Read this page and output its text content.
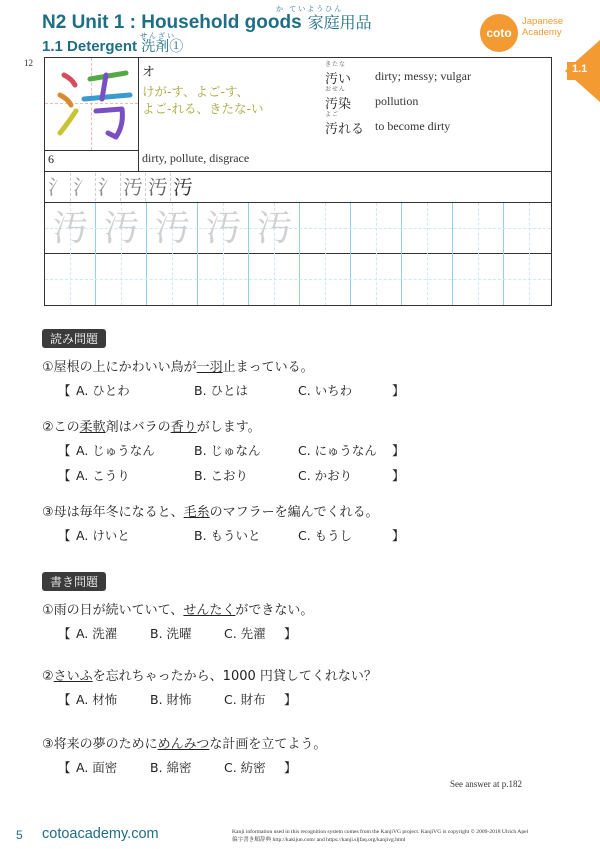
N2 Unit 1 : Household goods 家庭用品
か ていようひん
1.1 Detergent 洗剤①
せんざい	coto
Japanese
Academy
1.1
12
6
オ
けが-す、よご-す、
よご-れる、きたな-い
dirty, pollute, disgrace
きたな
汚い dirty; messy; vulgar
おせん
汚染 pollution
よご
汚れる to become dirty
氵 氵 氵 汚 汚 汚
汚 汚 汚 汚 汚
読み問題
①屋根の上にかわいい鳥が一羽止まっている。
【 A. ひとわ	B. ひとは	C. いちわ	】
②この柔軟剤はバラの香りがします。
【 A. じゅうなん	B. じゅなん	C. にゅうなん 】
【 A. こうり	B. こおり	C. かおり	】
③母は毎年冬になると、毛糸のマフラーを編んでくれる。
【 A. けいと	B. もういと	C. もうし	】
書き問題
①雨の日が続いていて、せんたくができない。
【 A. 洗濯	B. 洗曜	C. 先濯 】
②さいふを忘れちゃったから、1000 円貸してくれない？
【 A. 材怖	B. 財怖	C. 財布 】
③将来の夢のためにめんみつな計画を立てよう。
【 A. 面密	B. 綿密	C. 紡密 】
See answer at p.182
5 cotoacademy.com	Kanji information used in this recognition system comes from the KanjiVG project. KanjiVG is copyright © 2009-2018 Ulrich Apel
偏字書き順辞典 http://kakijun.com/ and https://kanji.sljfaq.org/kanjivg.html
